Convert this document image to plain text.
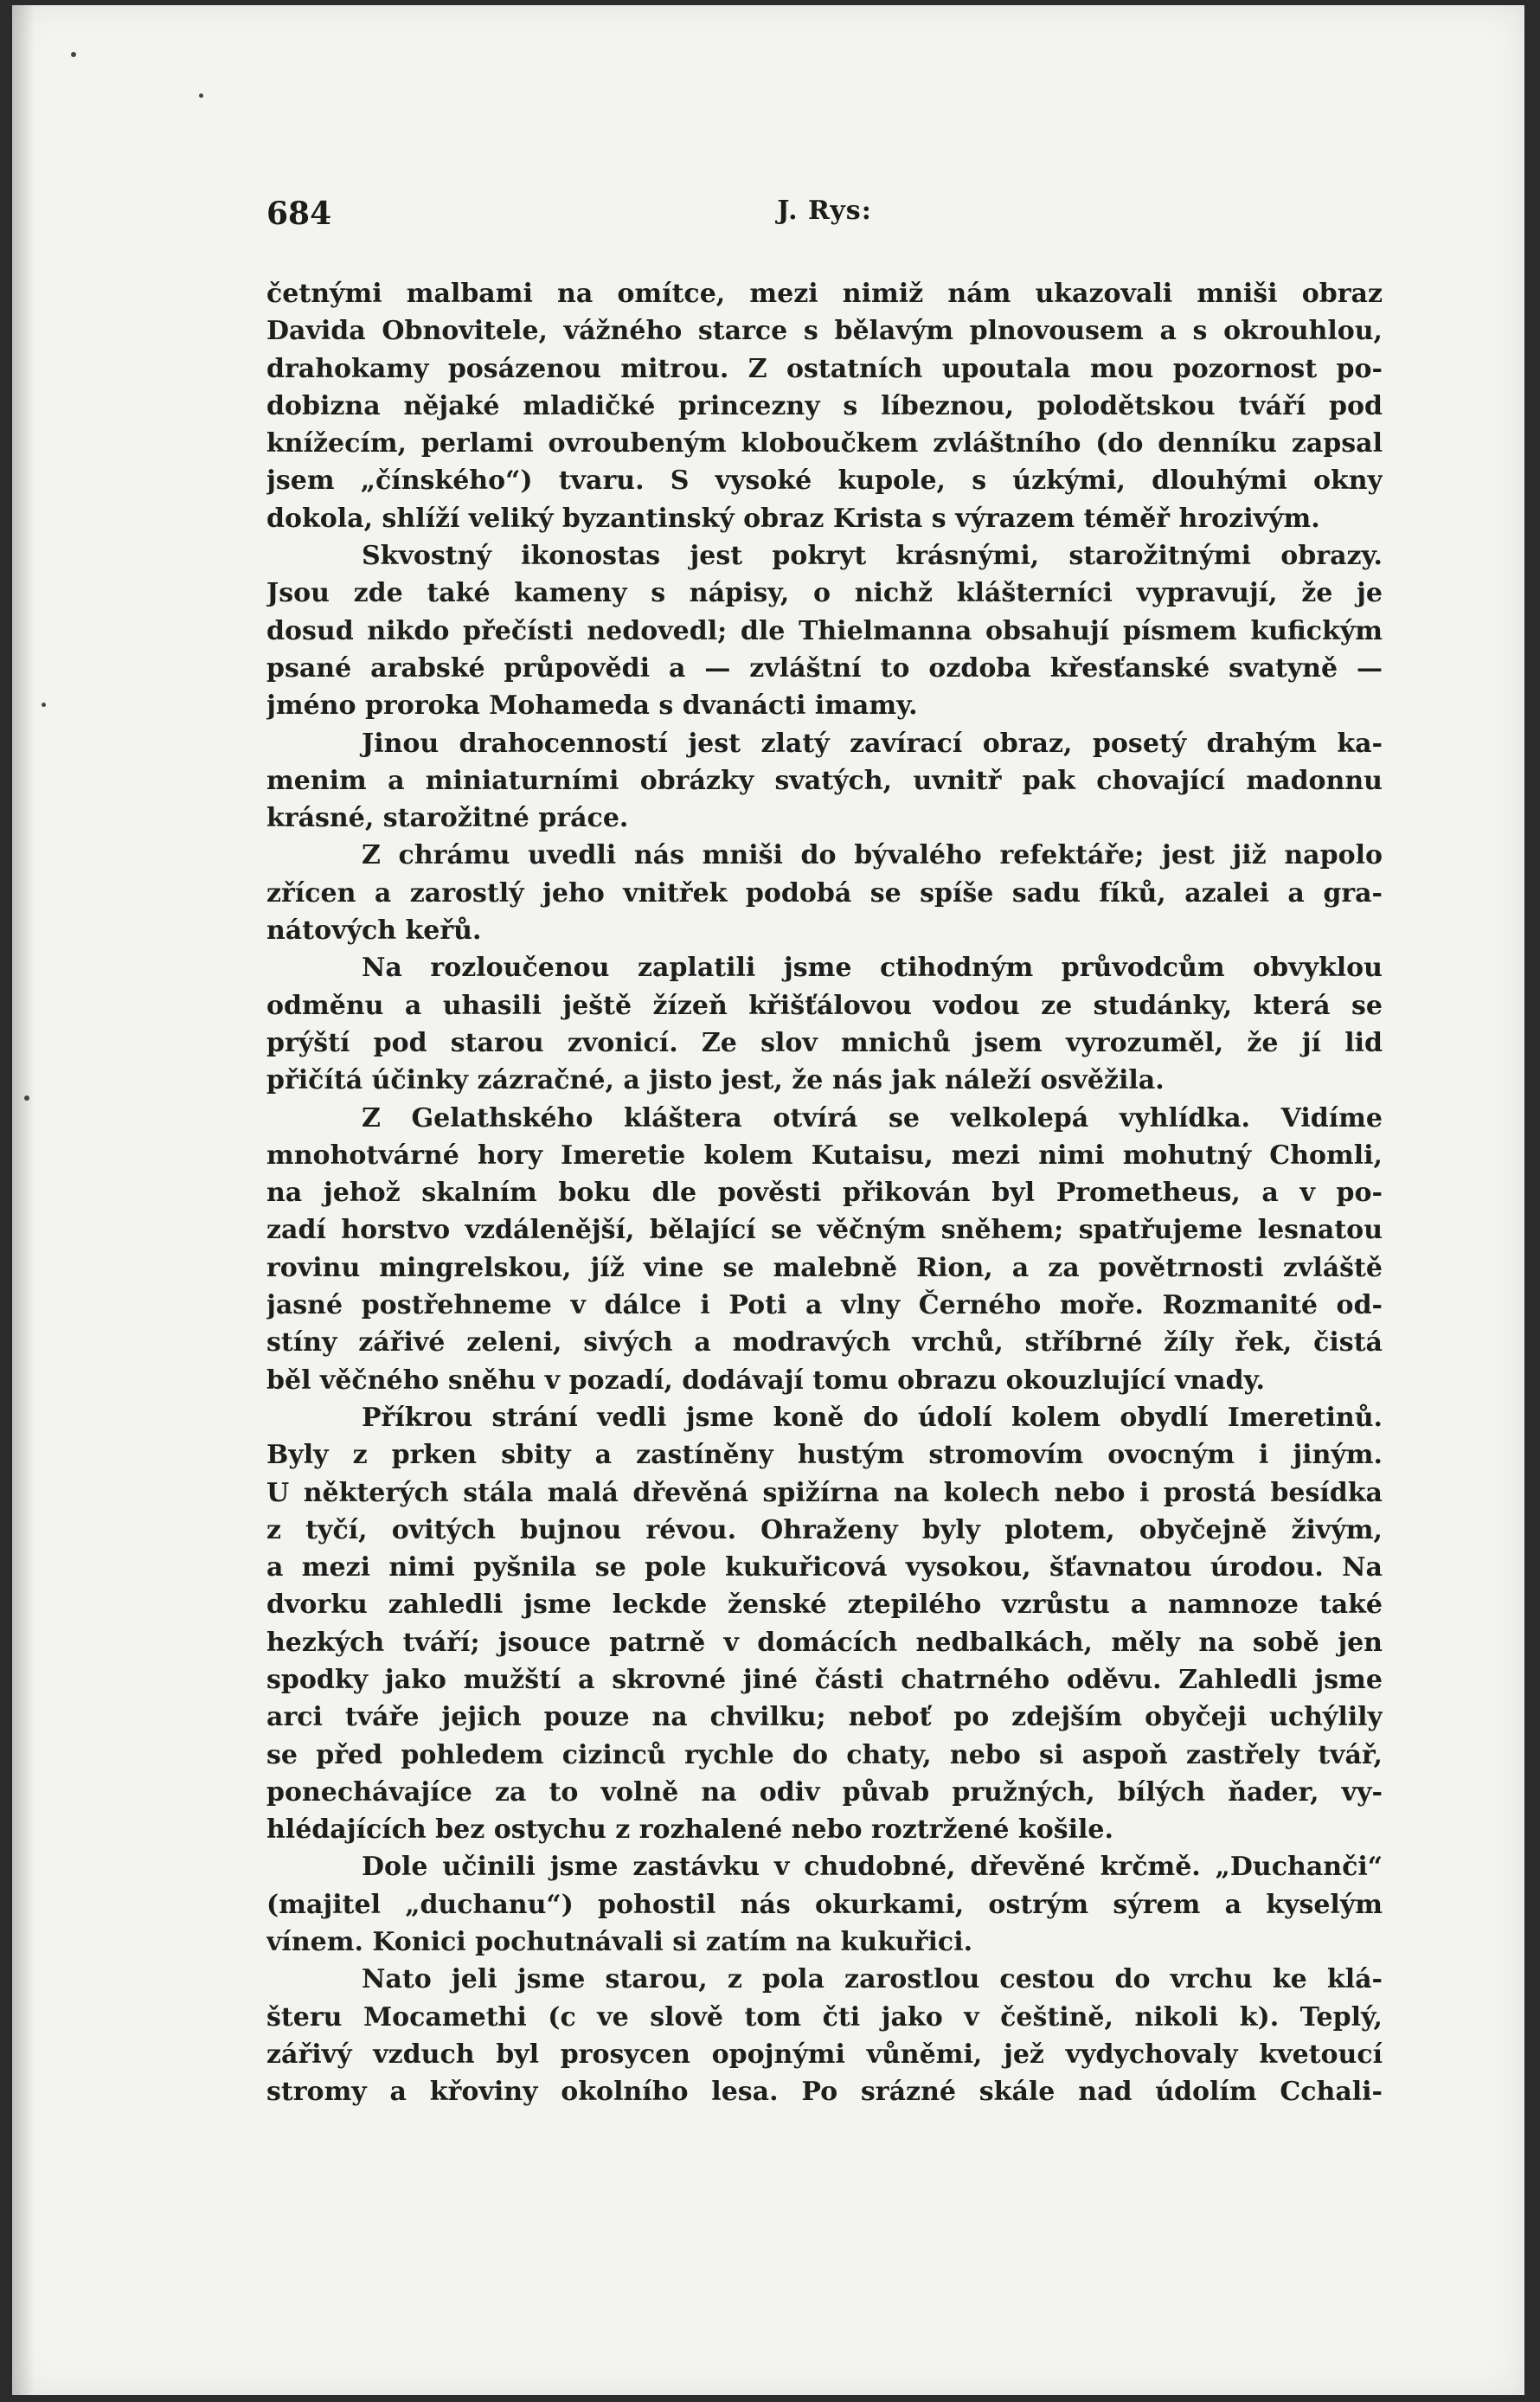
684	J. Rys:
četnými malbami na omítce, mezi nimiž nám ukazovali mniši obraz
Davida Obnovitele, vážného starce s bělavým plnovousem a s okrouhlou,
drahokamy posázenou mitrou. Z ostatních upoutala mou pozornost po-
dobizna nějaké mladičké princezny s líbeznou, polodětskou tváří pod
knížecím, perlami ovroubeným kloboučkem zvláštního (do denníku zapsal
jsem „čínského“) tvaru. S vysoké kupole, s úzkými, dlouhými okny
dokola, shlíží veliký byzantinský obraz Krista s výrazem téměř hrozivým.
Skvostný ikonostas jest pokryt krásnými, starožitnými obrazy.
Jsou zde také kameny s nápisy, o nichž klášterníci vypravují, že je
dosud nikdo přečísti nedovedl; dle Thielmanna obsahují písmem kufickým
psané arabské průpovědi a — zvláštní to ozdoba křesťanské svatyně —
jméno proroka Mohameda s dvanácti imamy.
Jinou drahocenností jest zlatý zavírací obraz, posetý drahým ka-
menim a miniaturními obrázky svatých, uvnitř pak chovající madonnu
krásné, starožitné práce.
Z chrámu uvedli nás mniši do bývalého refektáře; jest již napolo
zřícen a zarostlý jeho vnitřek podobá se spíše sadu fíků, azalei a gra-
nátových keřů.
Na rozloučenou zaplatili jsme ctihodným průvodcům obvyklou
odměnu a uhasili ještě žízeň křišťálovou vodou ze studánky, která se
prýští pod starou zvonicí. Ze slov mnichů jsem vyrozuměl, že jí lid
přičítá účinky zázračné, a jisto jest, že nás jak náleží osvěžila.
Z Gelathského kláštera otvírá se velkolepá vyhlídka. Vidíme
mnohotvárné hory Imeretie kolem Kutaisu, mezi nimi mohutný Chomli,
na jehož skalním boku dle pověsti přikován byl Prometheus, a v po-
zadí horstvo vzdálenější, bělající se věčným sněhem; spatřujeme lesnatou
rovinu mingrelskou, jíž vine se malebně Rion, a za povětrnosti zvláště
jasné postřehneme v dálce i Poti a vlny Černého moře. Rozmanité od-
stíny zářivé zeleni, sivých a modravých vrchů, stříbrné žíly řek, čistá
běl věčného sněhu v pozadí, dodávají tomu obrazu okouzlující vnady.
Příkrou strání vedli jsme koně do údolí kolem obydlí Imeretinů.
Byly z prken sbity a zastíněny hustým stromovím ovocným i jiným.
U některých stála malá dřevěná spižírna na kolech nebo i prostá besídka
z tyčí, ovitých bujnou révou. Ohraženy byly plotem, obyčejně živým,
a mezi nimi pyšnila se pole kukuřicová vysokou, šťavnatou úrodou. Na
dvorku zahledli jsme leckde ženské ztepilého vzrůstu a namnoze také
hezkých tváří; jsouce patrně v domácích nedbalkách, měly na sobě jen
spodky jako mužští a skrovné jiné části chatrného oděvu. Zahledli jsme
arci tváře jejich pouze na chvilku; neboť po zdejším obyčeji uchýlily
se před pohledem cizinců rychle do chaty, nebo si aspoň zastřely tvář,
ponechávajíce za to volně na odiv půvab pružných, bílých ňader, vy-
hlédajících bez ostychu z rozhalené nebo roztržené košile.
Dole učinili jsme zastávku v chudobné, dřevěné krčmě. „Duchanči“
(majitel „duchanu“) pohostil nás okurkami, ostrým sýrem a kyselým
vínem. Konici pochutnávali si zatím na kukuřici.
Nato jeli jsme starou, z pola zarostlou cestou do vrchu ke klá-
šteru Mocamethi (c ve slově tom čti jako v češtině, nikoli k). Teplý,
zářivý vzduch byl prosycen opojnými vůněmi, jež vydychovaly kvetoucí
stromy a křoviny okolního lesa. Po srázné skále nad údolím Cchali-
